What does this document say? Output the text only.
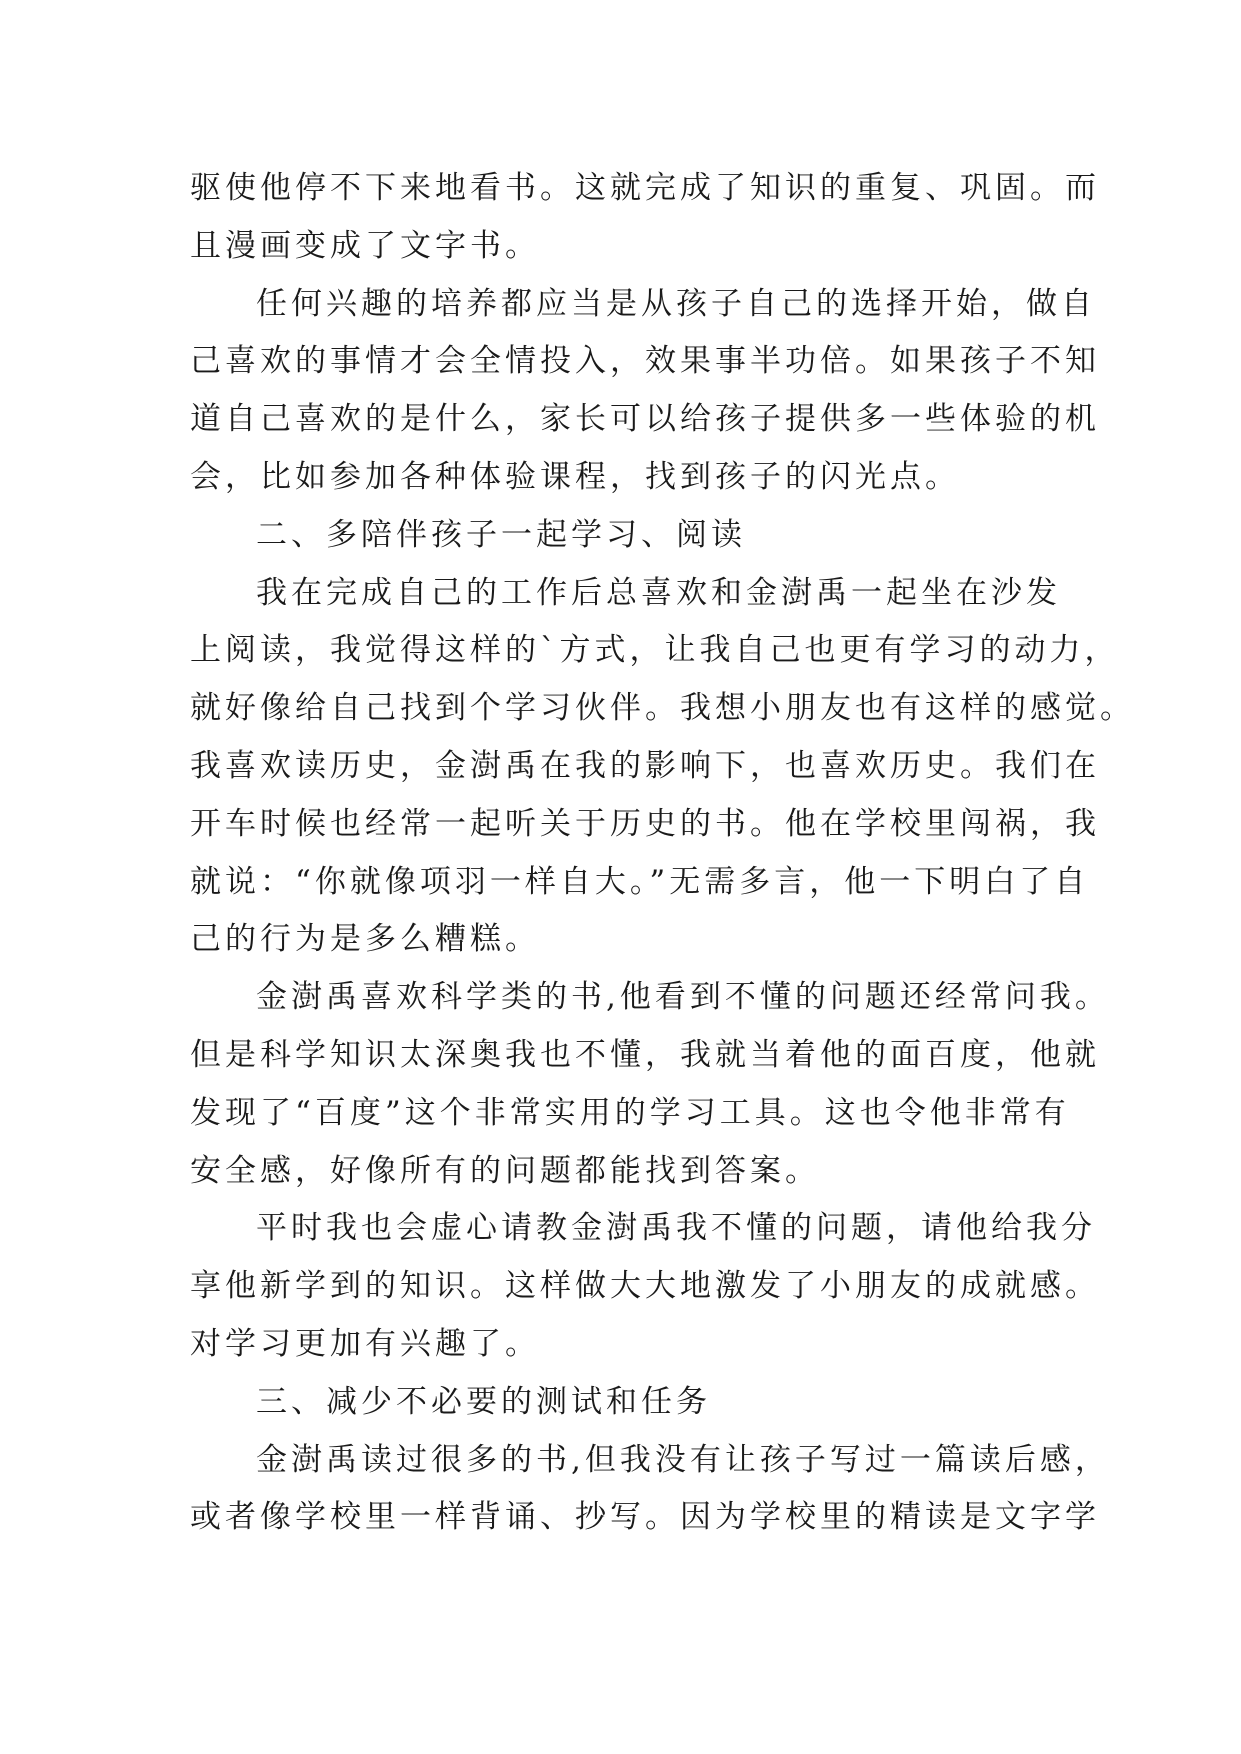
驱使他停不下来地看书。这就完成了知识的重复、巩固。而
且漫画变成了文字书。
任何兴趣的培养都应当是从孩子自己的选择开始，做自
己喜欢的事情才会全情投入，效果事半功倍。如果孩子不知
道自己喜欢的是什么，家长可以给孩子提供多一些体验的机
会，比如参加各种体验课程，找到孩子的闪光点。
二、多陪伴孩子一起学习、阅读
我在完成自己的工作后总喜欢和金澍禹一起坐在沙发
上阅读，我觉得这样的`方式，让我自己也更有学习的动力，
就好像给自己找到个学习伙伴。我想小朋友也有这样的感觉。
我喜欢读历史，金澍禹在我的影响下，也喜欢历史。我们在
开车时候也经常一起听关于历史的书。他在学校里闯祸，我
就说：“你就像项羽一样自大。”无需多言，他一下明白了自
己的行为是多么糟糕。
金澍禹喜欢科学类的书,他看到不懂的问题还经常问我。
但是科学知识太深奥我也不懂，我就当着他的面百度，他就
发现了“百度”这个非常实用的学习工具。这也令他非常有
安全感，好像所有的问题都能找到答案。
平时我也会虚心请教金澍禹我不懂的问题，请他给我分
享他新学到的知识。这样做大大地激发了小朋友的成就感。
对学习更加有兴趣了。
三、减少不必要的测试和任务
金澍禹读过很多的书,但我没有让孩子写过一篇读后感，
或者像学校里一样背诵、抄写。因为学校里的精读是文字学
